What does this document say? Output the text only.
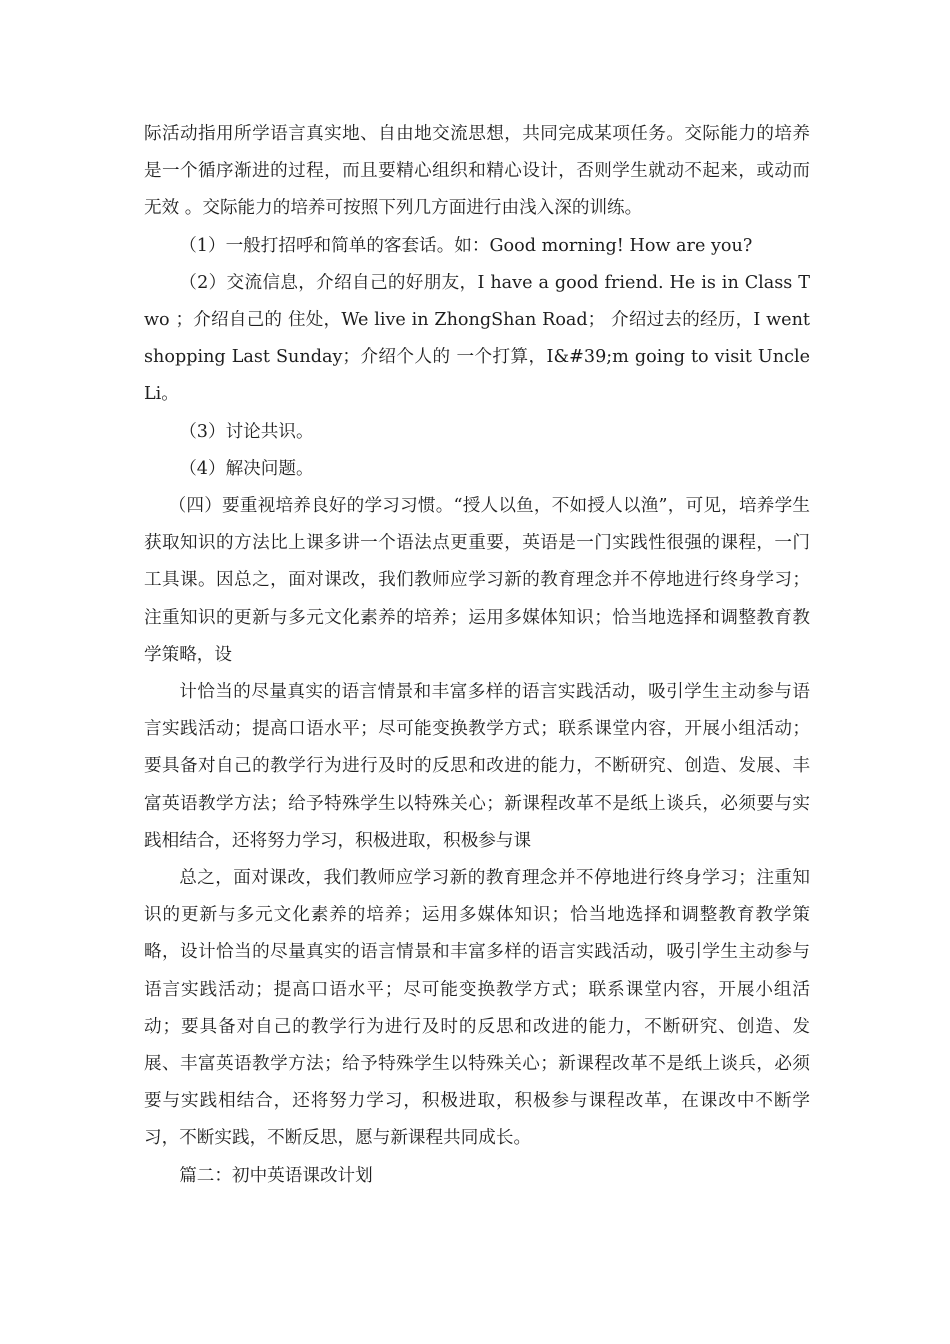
际活动指用所学语言真实地、自由地交流思想，共同完成某项任务。交际能力的培养是一个循序渐进的过程，而且要精心组织和精心设计，否则学生就动不起来，或动而无效 。交际能力的培养可按照下列几方面进行由浅入深的训练。

（1）一般打招呼和简单的客套话。如：Good morning! How are you?

（2）交流信息，介绍自己的好朋友，I have a good friend. He is in Class Two ；介绍自己的 住处，We live in ZhongShan Road； 介绍过去的经历，I went shopping Last Sunday；介绍个人的 一个打算，I&#39;m going to visit Uncle Li。

（3）讨论共识。

（4）解决问题。

（四）要重视培养良好的学习习惯。“授人以鱼，不如授人以渔”，可见，培养学生获取知识的方法比上课多讲一个语法点更重要，英语是一门实践性很强的课程，一门工具课。因总之，面对课改，我们教师应学习新的教育理念并不停地进行终身学习；注重知识的更新与多元文化素养的培养；运用多媒体知识；恰当地选择和调整教育教学策略，设

计恰当的尽量真实的语言情景和丰富多样的语言实践活动，吸引学生主动参与语言实践活动；提高口语水平；尽可能变换教学方式；联系课堂内容，开展小组活动；要具备对自己的教学行为进行及时的反思和改进的能力，不断研究、创造、发展、丰富英语教学方法；给予特殊学生以特殊关心；新课程改革不是纸上谈兵，必须要与实践相结合，还将努力学习，积极进取，积极参与课

总之，面对课改，我们教师应学习新的教育理念并不停地进行终身学习；注重知识的更新与多元文化素养的培养；运用多媒体知识；恰当地选择和调整教育教学策略，设计恰当的尽量真实的语言情景和丰富多样的语言实践活动，吸引学生主动参与语言实践活动；提高口语水平；尽可能变换教学方式；联系课堂内容，开展小组活动；要具备对自己的教学行为进行及时的反思和改进的能力，不断研究、创造、发展、丰富英语教学方法；给予特殊学生以特殊关心；新课程改革不是纸上谈兵，必须要与实践相结合，还将努力学习，积极进取，积极参与课程改革，在课改中不断学习，不断实践，不断反思，愿与新课程共同成长。

篇二：初中英语课改计划
